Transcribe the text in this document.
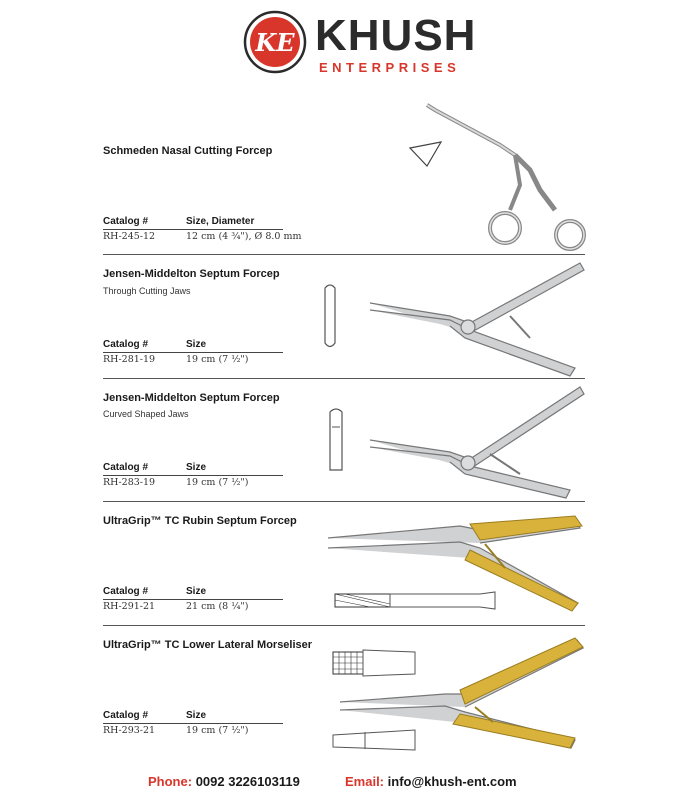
KE KHUSH
ENTERPRISES
Schmeden Nasal Cutting Forcep
Catalog #	Size, Diameter
RH-245-12	12 cm (4 ¾"), Ø 8.0 mm
Jensen-Middelton Septum Forcep
Through Cutting Jaws
Catalog #	Size
RH-281-19	19 cm (7 ½")
Jensen-Middelton Septum Forcep
Curved Shaped Jaws
Catalog #	Size
RH-283-19	19 cm (7 ½")
UltraGrip™ TC Rubin Septum Forcep
Catalog #	Size
RH-291-21	21 cm (8 ¼")
UltraGrip™ TC Lower Lateral Morseliser
Catalog #	Size
RH-293-21	19 cm (7 ½")
Phone: 0092 3226103119	Email: info@khush-ent.com
